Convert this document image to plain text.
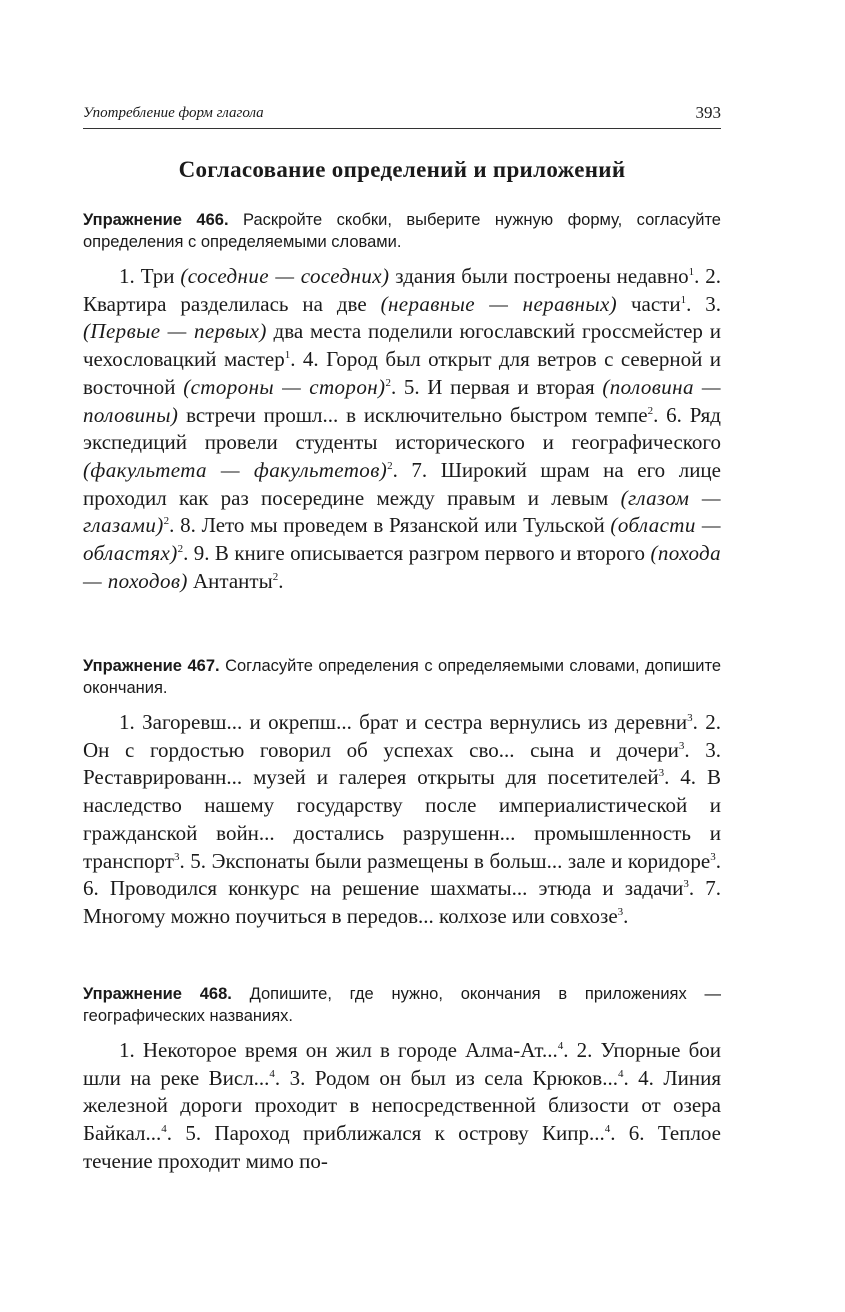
Употребление форм глагола	393
Согласование определений и приложений

Упражнение 466. Раскройте скобки, выберите нужную форму, согласуйте определения с определяемыми словами.

1. Три (соседние — соседних) здания были построены недавно$^1$. 2. Квартира разделилась на две (неравные — неравных) части$^1$. 3. (Первые — первых) два места поделили югославский гроссмейстер и чехословацкий мастер$^1$. 4. Город был открыт для ветров с северной и восточной (стороны — сторон)$^2$. 5. И первая и вторая (половина — половины) встречи прошл... в исключительно быстром темпе$^2$. 6. Ряд экспедиций провели студенты исторического и географического (факультета — факультетов)$^2$. 7. Широкий шрам на его лице проходил как раз посередине между правым и левым (глазом — глазами)$^2$. 8. Лето мы проведем в Рязанской или Тульской (области — областях)$^2$. 9. В книге описывается разгром первого и второго (похода — походов) Антанты$^2$.

Упражнение 467. Согласуйте определения с определяемыми словами, допишите окончания.

1. Загоревш... и окрепш... брат и сестра вернулись из деревни$^3$. 2. Он с гордостью говорил об успехах сво... сына и дочери$^3$. 3. Реставрированн... музей и галерея открыты для посетителей$^3$. 4. В наследство нашему государству после империалистической и гражданской войн... достались разрушенн... промышленность и транспорт$^3$. 5. Экспонаты были размещены в больш... зале и коридоре$^3$. 6. Проводился конкурс на решение шахматы... этюда и задачи$^3$. 7. Многому можно поучиться в передов... колхозе или совхозе$^3$.

Упражнение 468. Допишите, где нужно, окончания в приложениях — географических названиях.

1. Некоторое время он жил в городе Алма-Ат...$^4$. 2. Упорные бои шли на реке Висл...$^4$. 3. Родом он был из села Крюков...$^4$. 4. Линия железной дороги проходит в непосредственной близости от озера Байкал...$^4$. 5. Пароход приближался к острову Кипр...$^4$. 6. Теплое течение проходит мимо по-
